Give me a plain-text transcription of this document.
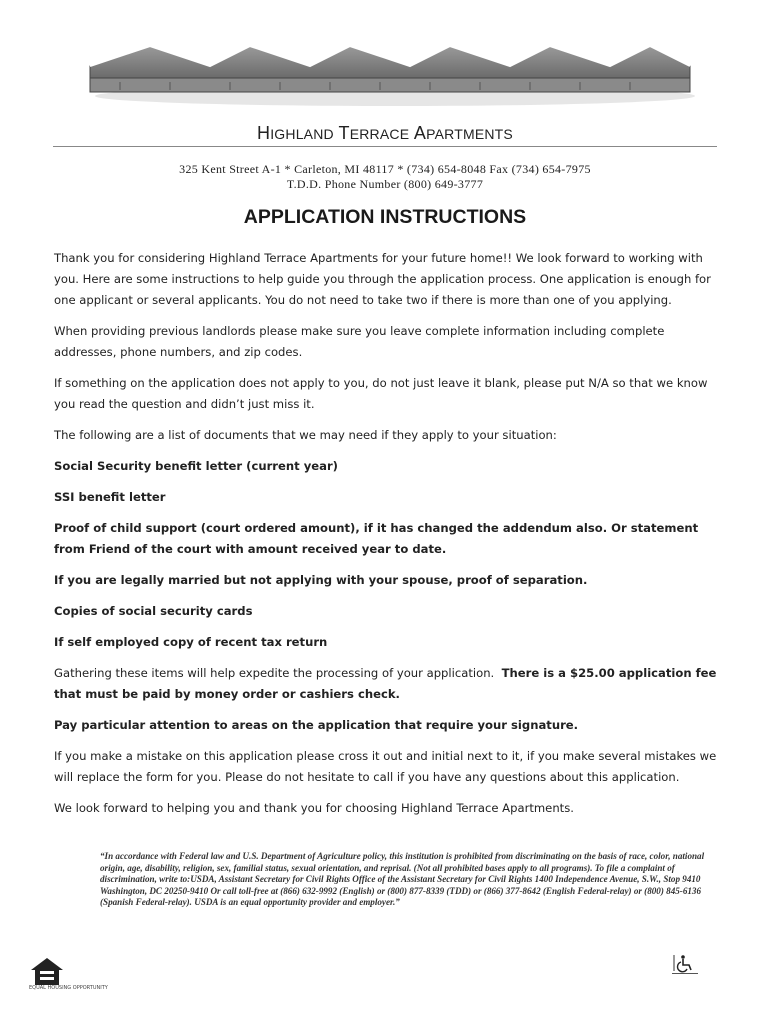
HIGHLAND TERRACE APARTMENTS
325 Kent Street A-1 * Carleton, MI 48117 * (734) 654-8048 Fax (734) 654-7975
T.D.D. Phone Number (800) 649-3777
APPLICATION INSTRUCTIONS

Thank you for considering Highland Terrace Apartments for your future home!! We look forward to working with you. Here are some instructions to help guide you through the application process. One application is enough for one applicant or several applicants. You do not need to take two if there is more than one of you applying.

When providing previous landlords please make sure you leave complete information including complete addresses, phone numbers, and zip codes.

If something on the application does not apply to you, do not just leave it blank, please put N/A so that we know you read the question and didn’t just miss it.

The following are a list of documents that we may need if they apply to your situation:

Social Security benefit letter (current year)

SSI benefit letter

Proof of child support (court ordered amount), if it has changed the addendum also. Or statement from Friend of the court with amount received year to date.

If you are legally married but not applying with your spouse, proof of separation.

Copies of social security cards

If self employed copy of recent tax return

Gathering these items will help expedite the processing of your application. There is a $25.00 application fee that must be paid by money order or cashiers check.

Pay particular attention to areas on the application that require your signature.

If you make a mistake on this application please cross it out and initial next to it, if you make several mistakes we will replace the form for you. Please do not hesitate to call if you have any questions about this application.

We look forward to helping you and thank you for choosing Highland Terrace Apartments.

“In accordance with Federal law and U.S. Department of Agriculture policy, this institution is prohibited from discriminating on the basis of race, color, national origin, age, disability, religion, sex, familial status, sexual orientation, and reprisal. (Not all prohibited bases apply to all programs). To file a complaint of discrimination, write to:USDA, Assistant Secretary for Civil Rights Office of the Assistant Secretary for Civil Rights 1400 Independence Avenue, S.W., Stop 9410 Washington, DC 20250-9410 Or call toll-free at (866) 632-9992 (English) or (800) 877-8339 (TDD) or (866) 377-8642 (English Federal-relay) or (800) 845-6136 (Spanish Federal-relay). USDA is an equal opportunity provider and employer.”
EQUAL HOUSING OPPORTUNITY
